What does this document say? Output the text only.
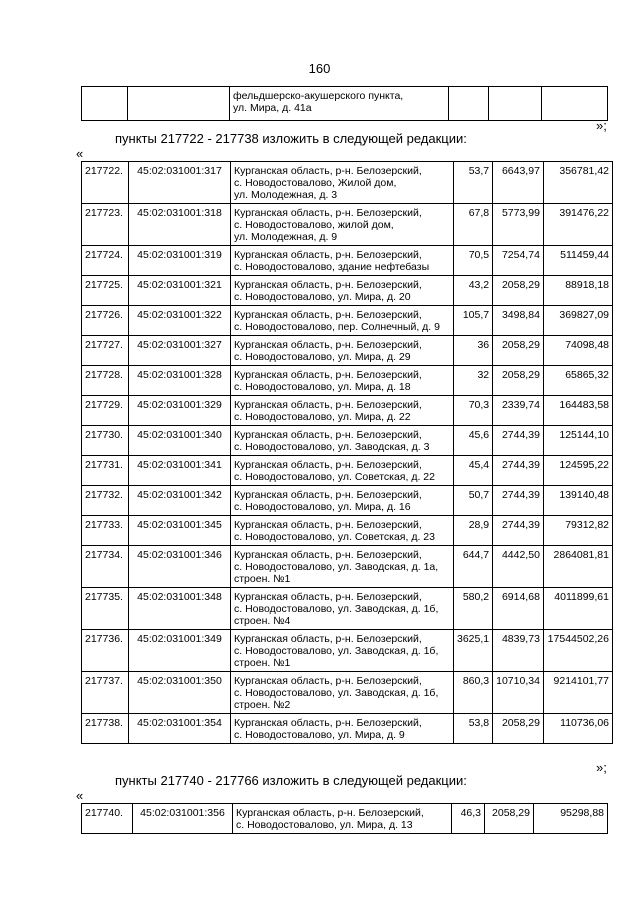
160

фельдшерско-акушерского пункта,
ул. Мира, д. 41а

»;
пункты 217722 - 217738 изложить в следующей редакции:
«
217722.	45:02:031001:317	Курганская область, р-н. Белозерский,
с. Новодостовалово, Жилой дом,
ул. Молодежная, д. 3	53,7	6643,97	356781,42
217723.	45:02:031001:318	Курганская область, р-н. Белозерский,
с. Новодостовалово, жилой дом,
ул. Молодежная, д. 9	67,8	5773,99	391476,22
217724.	45:02:031001:319	Курганская область, р-н. Белозерский,
с. Новодостовалово, здание нефтебазы	70,5	7254,74	511459,44
217725.	45:02:031001:321	Курганская область, р-н. Белозерский,
с. Новодостовалово, ул. Мира, д. 20	43,2	2058,29	88918,18
217726.	45:02:031001:322	Курганская область, р-н. Белозерский,
с. Новодостовалово, пер. Солнечный, д. 9	105,7	3498,84	369827,09
217727.	45:02:031001:327	Курганская область, р-н. Белозерский,
с. Новодостовалово, ул. Мира, д. 29	36	2058,29	74098,48
217728.	45:02:031001:328	Курганская область, р-н. Белозерский,
с. Новодостовалово, ул. Мира, д. 18	32	2058,29	65865,32
217729.	45:02:031001:329	Курганская область, р-н. Белозерский,
с. Новодостовалово, ул. Мира, д. 22	70,3	2339,74	164483,58
217730.	45:02:031001:340	Курганская область, р-н. Белозерский,
с. Новодостовалово, ул. Заводская, д. 3	45,6	2744,39	125144,10
217731.	45:02:031001:341	Курганская область, р-н. Белозерский,
с. Новодостовалово, ул. Советская, д. 22	45,4	2744,39	124595,22
217732.	45:02:031001:342	Курганская область, р-н. Белозерский,
с. Новодостовалово, ул. Мира, д. 16	50,7	2744,39	139140,48
217733.	45:02:031001:345	Курганская область, р-н. Белозерский,
с. Новодостовалово, ул. Советская, д. 23	28,9	2744,39	79312,82
217734.	45:02:031001:346	Курганская область, р-н. Белозерский,
с. Новодостовалово, ул. Заводская, д. 1а,
строен. №1	644,7	4442,50	2864081,81
217735.	45:02:031001:348	Курганская область, р-н. Белозерский,
с. Новодостовалово, ул. Заводская, д. 1б,
строен. №4	580,2	6914,68	4011899,61
217736.	45:02:031001:349	Курганская область, р-н. Белозерский,
с. Новодостовалово, ул. Заводская, д. 1б,
строен. №1	3625,1	4839,73	17544502,26
217737.	45:02:031001:350	Курганская область, р-н. Белозерский,
с. Новодостовалово, ул. Заводская, д. 1б,
строен. №2	860,3	10710,34	9214101,77
217738.	45:02:031001:354	Курганская область, р-н. Белозерский,
с. Новодостовалово, ул. Мира, д. 9	53,8	2058,29	110736,06
»;
пункты 217740 - 217766 изложить в следующей редакции:
«
217740.	45:02:031001:356	Курганская область, р-н. Белозерский,
с. Новодостовалово, ул. Мира, д. 13
	46,3	2058,29	95298,88
